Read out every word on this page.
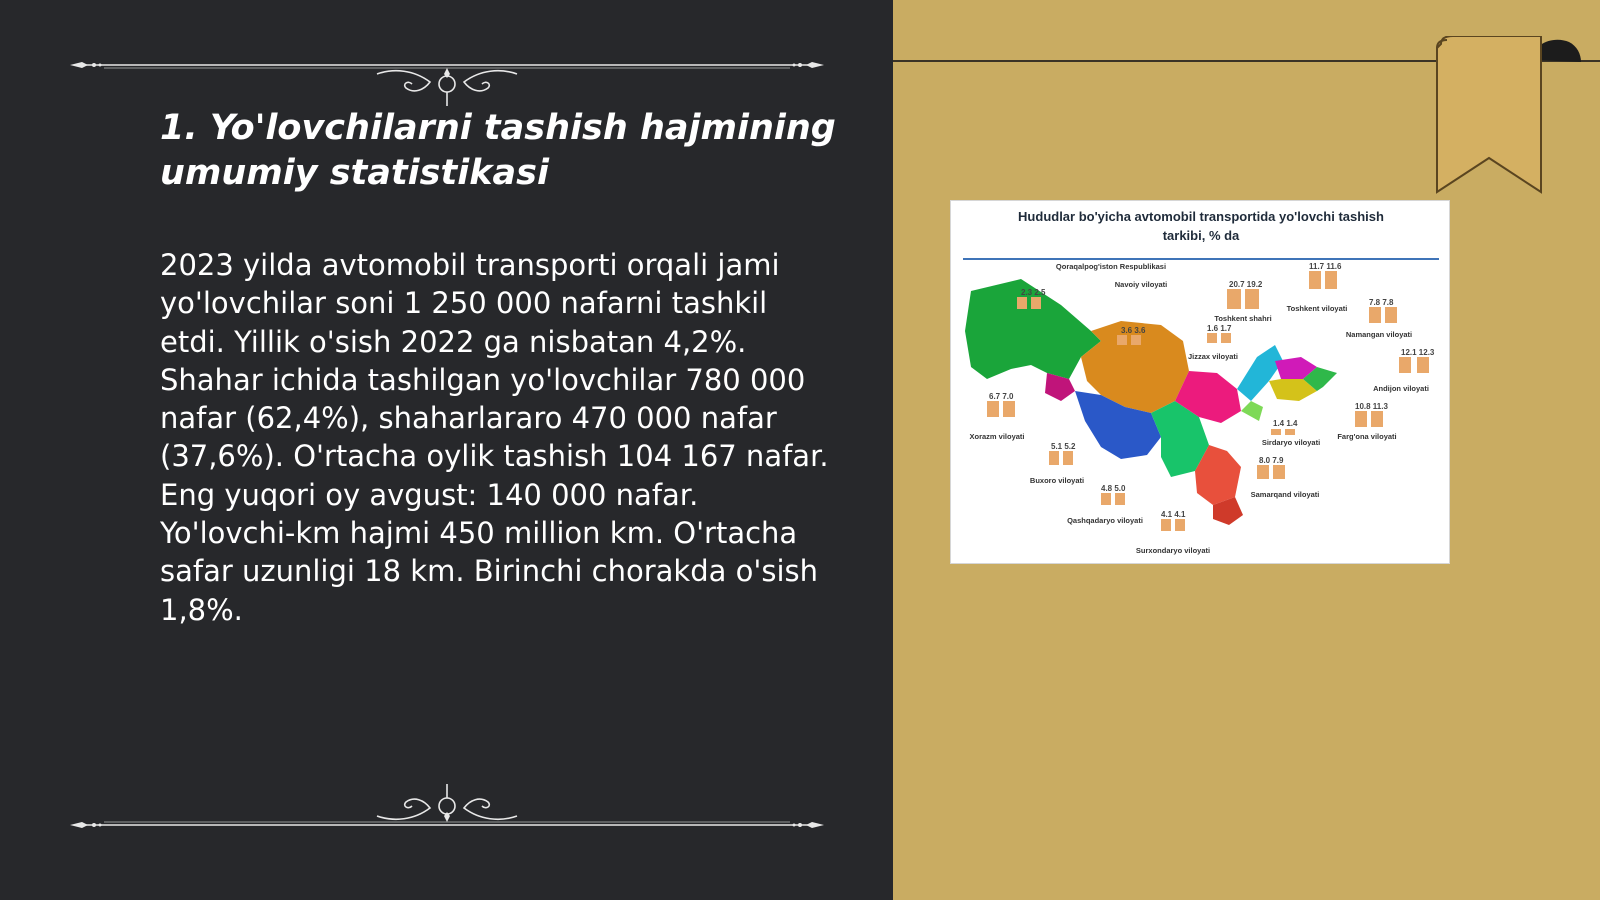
1. Yo'lovchilarni tashish hajmining umumiy statistikasi

2023 yilda avtomobil transporti orqali jami yo'lovchilar soni 1 250 000 nafarni tashkil etdi. Yillik o'sish 2022 ga nisbatan 4,2%. Shahar ichida tashilgan yo'lovchilar 780 000 nafar (62,4%), shaharlararo 470 000 nafar (37,6%). O'rtacha oylik tashish 104 167 nafar. Eng yuqori oy avgust: 140 000 nafar. Yo'lovchi-km hajmi 450 million km. O'rtacha safar uzunligi 18 km. Birinchi chorakda o'sish 1,8%.

Hududlar bo'yicha avtomobil transportida yo'lovchi tashish
tarkibi, % da
2.3 2.5
3.6 3.6
20.7 19.2
11.7 11.6
7.8 7.8
1.6 1.7
12.1 12.3
6.7 7.0
1.4 1.4
10.8 11.3
5.1 5.2
8.0 7.9
4.8 5.0
4.1 4.1
Qoraqalpog'iston Respublikasi
Navoiy viloyati
Toshkent shahri
Toshkent viloyati
Namangan viloyati
Jizzax viloyati
Andijon viloyati
Xorazm viloyati
Sirdaryo viloyati
Farg'ona viloyati
Buxoro viloyati
Samarqand viloyati
Qashqadaryo viloyati
Surxondaryo viloyati
